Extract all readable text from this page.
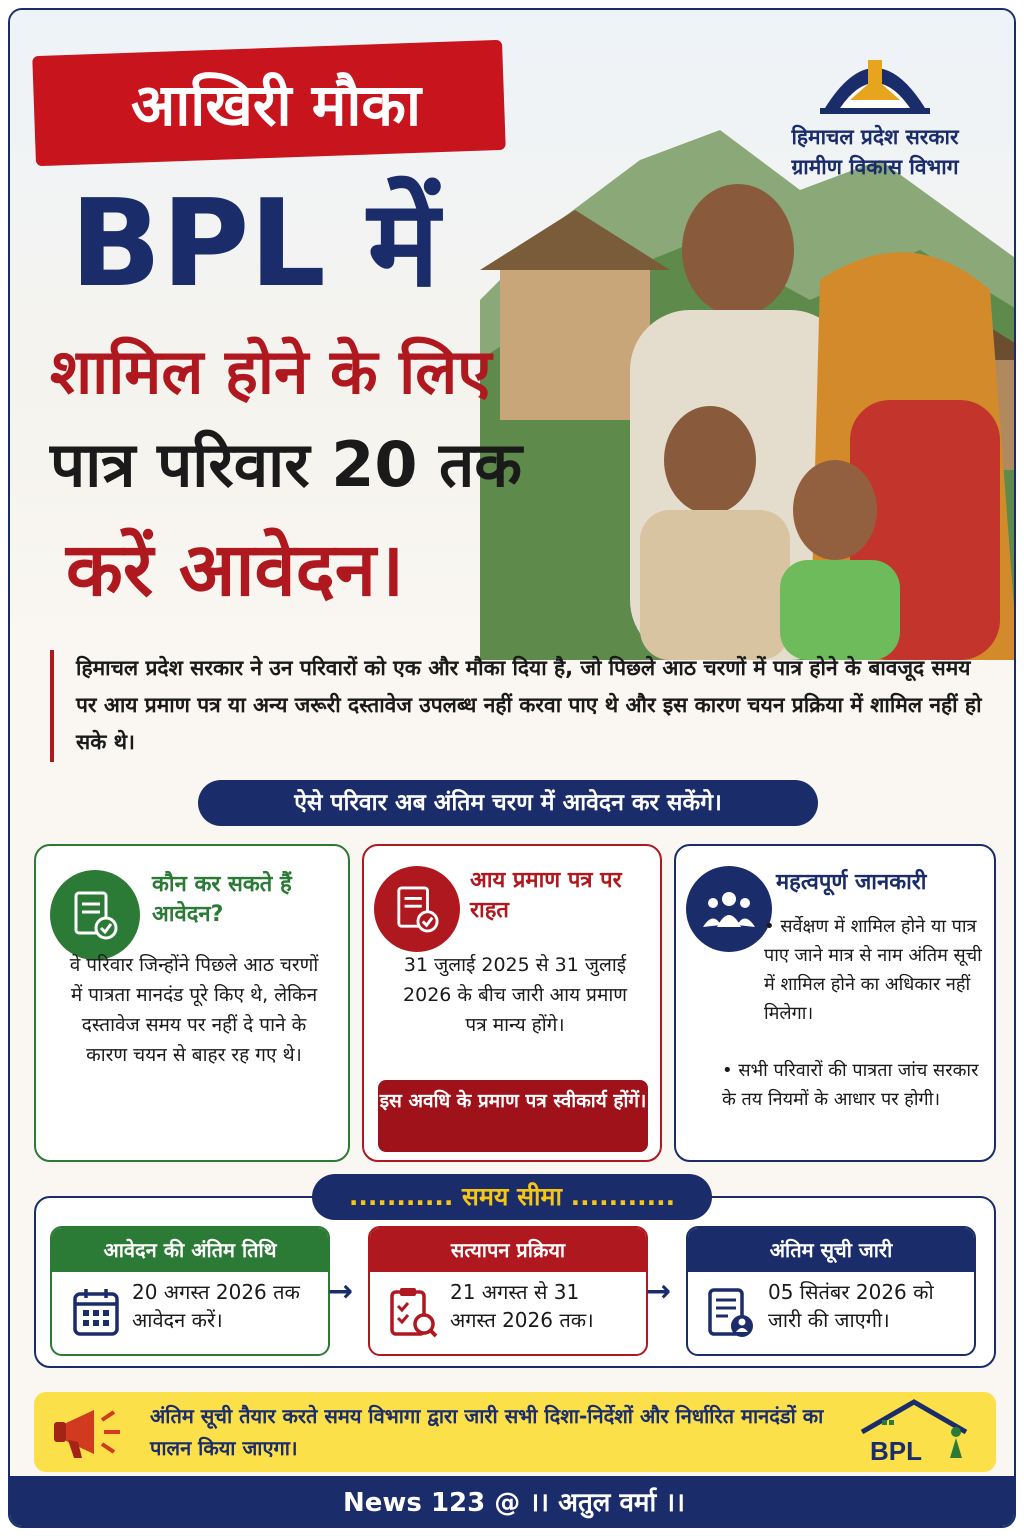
आखिरी मौका
BPL में
शामिल होने के लिए
पात्र परिवार 20 तक
करें आवेदन।
हिमाचल प्रदेश सरकार
ग्रामीण विकास विभाग
हिमाचल प्रदेश सरकार ने उन परिवारों को एक और मौका दिया है, जो पिछले आठ चरणों में पात्र होने के बावजूद समय पर आय प्रमाण पत्र या अन्य जरूरी दस्तावेज उपलब्ध नहीं करवा पाए थे और इस कारण चयन प्रक्रिया में शामिल नहीं हो सके थे।
ऐसे परिवार अब अंतिम चरण में आवेदन कर सकेंगे।
कौन कर सकते हैं आवेदन?
वे परिवार जिन्होंने पिछले आठ चरणों में पात्रता मानदंड पूरे किए थे, लेकिन दस्तावेज समय पर नहीं दे पाने के कारण चयन से बाहर रह गए थे।
आय प्रमाण पत्र पर राहत
31 जुलाई 2025 से 31 जुलाई 2026 के बीच जारी आय प्रमाण पत्र मान्य होंगे।
इस अवधि के प्रमाण पत्र स्वीकार्य होंगें।
महत्वपूर्ण जानकारी
• सर्वेक्षण में शामिल होने या पात्र पाए जाने मात्र से नाम अंतिम सूची में शामिल होने का अधिकार नहीं मिलेगा।
• सभी परिवारों की पात्रता जांच सरकार के तय नियमों के आधार पर होगी।
........... समय सीमा ...........
आवेदन की अंतिम तिथि
20 अगस्त 2026 तक आवेदन करें।
→
सत्यापन प्रक्रिया
21 अगस्त से 31 अगस्त 2026 तक।
→
अंतिम सूची जारी
05 सितंबर 2026 को जारी की जाएगी।
अंतिम सूची तैयार करते समय विभागा द्वारा जारी सभी दिशा-निर्देशों और निर्धारित मानदंडों का पालन किया जाएगा।	BPL
News 123 @ ।। अतुल वर्मा ।।
